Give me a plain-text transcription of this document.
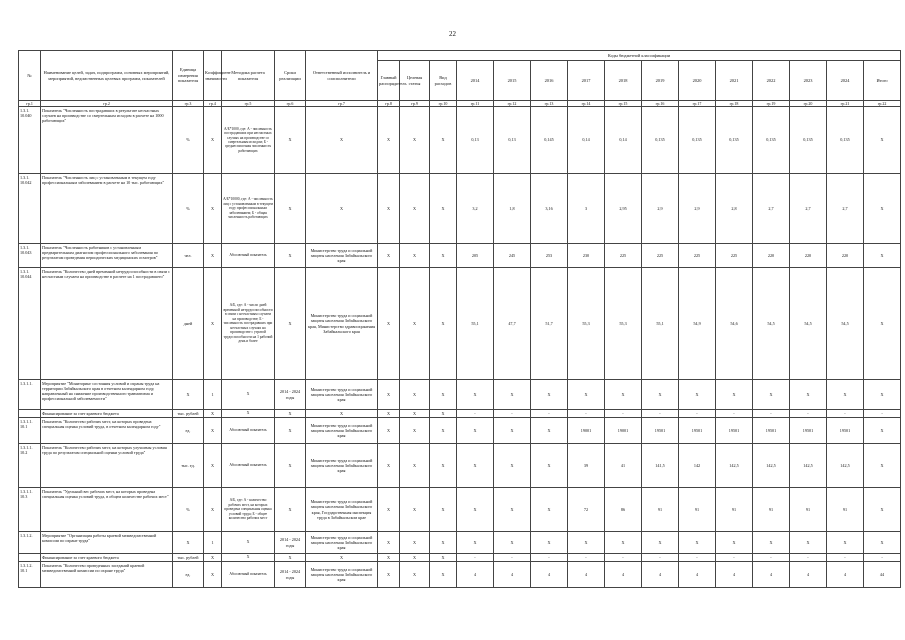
22
№	Наименование целей, задач, подпрограмм, основных мероприятий, мероприятий, ведомственных целевых программ, показателей	Единица измерения показателя	Коэффициент значимости	Методика расчета показателя	Сроки реализации	Ответственный исполнитель и соисполнители	Коды бюджетной классификации														
							Главный распорядитель	Целевая статья	Вид расходов	2014	2015	2016	2017	2018	2019	2020	2021	2022	2023	2024	Итого
гр.1	гр.2	гр.3	гр.4	гр.5	гр.6	гр.7	гр.8	гр.9	гр.10	гр.11	гр.12	гр.13	гр.14	гр.15	гр.16	гр.17	гр.18	гр.19	гр.20	гр.21	гр.22
1.3.1. 10.040	Показатель "Численность пострадавших в результате несчастных случаев на производстве со смертельным исходом в расчете на 1000 работающих"	%	X	А/Б*1000, где: А - численность пострадавших при несчастных случаях на производстве со смертельным исходом; Б - среднесписочная численность работающих	X	X	X	X	X	0,13	0,13	0,145	0,14	0,14	0,135	0,135	0,135	0,135	0,135	0,135	X
1.3.1. 10.042	Показатель "Численность лиц с установленным в текущем году профессиональным заболеванием в расчете на 10 тыс. работающих"	%	X	А/Б*10000, где: А - численность лиц с установленным в текущем году профессиональным заболеванием; Б - общая численность работающих	X	X	X	X	X	3,2	1,8	3,16	3	2,95	2,9	2,9	2,8	2,7	2,7	2,7	X
1.3.1. 10.043	Показатель "Численность работников с установленным предварительным диагнозом профессионального заболевания по результатам проведения периодических медицинских осмотров"	чел.	X	Абсолютный показатель	X	Министерство труда и социальной защиты населения Забайкальского края	X	X	X	205	245	253	230	225	225	225	225	220	220	220	X
1.3.1. 10.044	Показатель "Количество дней временной нетрудоспособности в связи с несчастным случаем на производстве в расчете на 1 пострадавшего"	дней	X	А/Б, где: А - число дней временной нетрудоспособности в связи с несчастным случаем на производстве; Б - численность пострадавших при несчастных случаях на производстве с утратой трудоспособности на 1 рабочий день и более	X	Министерство труда и социальной защиты населения Забайкальского края, Министерство здравоохранения Забайкальского края	X	X	X	55,1	47,7	51,7	55,3	55,3	55,1	54,9	54,6	54,5	54,5	54,5	X
1.3.1.1.	Мероприятие "Мониторинг состояния условий и охраны труда на территории Забайкальского края в отчетном календарном году, направленный на снижение производственного травматизма и профессиональной заболеваемости"	X	1	X	2014 - 2024 годы	Министерство труда и социальной защиты населения Забайкальского края	X	X	X	X	X	X	X	X	X	X	X	X	X	X	X
	Финансирование за счет краевого бюджета	тыс. рублей	X	X	X	X	X	X	X	-	-	-	-	-	-	-	-	-	-	-	-
1.3.1.1. 10.1	Показатель "Количество рабочих мест, на которых проведена специальная оценка условий труда, в отчетном календарном году"	ед.	X	Абсолютный показатель	X	Министерство труда и социальной защиты населения Забайкальского края	X	X	X	X	X	X	19001	19001	19501	19501	19501	19501	19501	19501	X
1.3.1.1. 10.2	Показатель "Количество рабочих мест, на которых улучшены условия труда по результатам специальной оценки условий труда"	тыс. ед.	X	Абсолютный показатель	X	Министерство труда и социальной защиты населения Забайкальского края	X	X	X	X	X	X	39	41	141,5	142	142,5	142,5	142,5	142,5	X
1.3.1.1. 10.3	Показатель "Удельный вес рабочих мест, на которых проведена специальная оценка условий труда, в общем количестве рабочих мест"	%	X	А/Б, где: А - количество рабочих мест, на которых проведена специальная оценка условий труда; Б - общее количество рабочих мест	X	Министерство труда и социальной защиты населения Забайкальского края, Государственная инспекция труда в Забайкальском крае	X	X	X	X	X	X	72	86	91	91	91	91	91	91	X
1.3.1.2.	Мероприятие "Организация работы краевой межведомственной комиссии по охране труда"	X	1	X	2014 - 2024 годы	Министерство труда и социальной защиты населения Забайкальского края	X	X	X	X	X	X	X	X	X	X	X	X	X	X	X
	Финансирование за счет краевого бюджета	тыс. рублей	X	X	X	X	X	X	X	-	-	-	-	-	-	-	-	-	-	-	-
1.3.1.2. 10.1	Показатель "Количество проведенных заседаний краевой межведомственной комиссии по охране труда"	ед.	X	Абсолютный показатель	2014 - 2024 годы	Министерство труда и социальной защиты населения Забайкальского края	X	X	X	4	4	4	4	4	4	4	4	4	4	4	44
